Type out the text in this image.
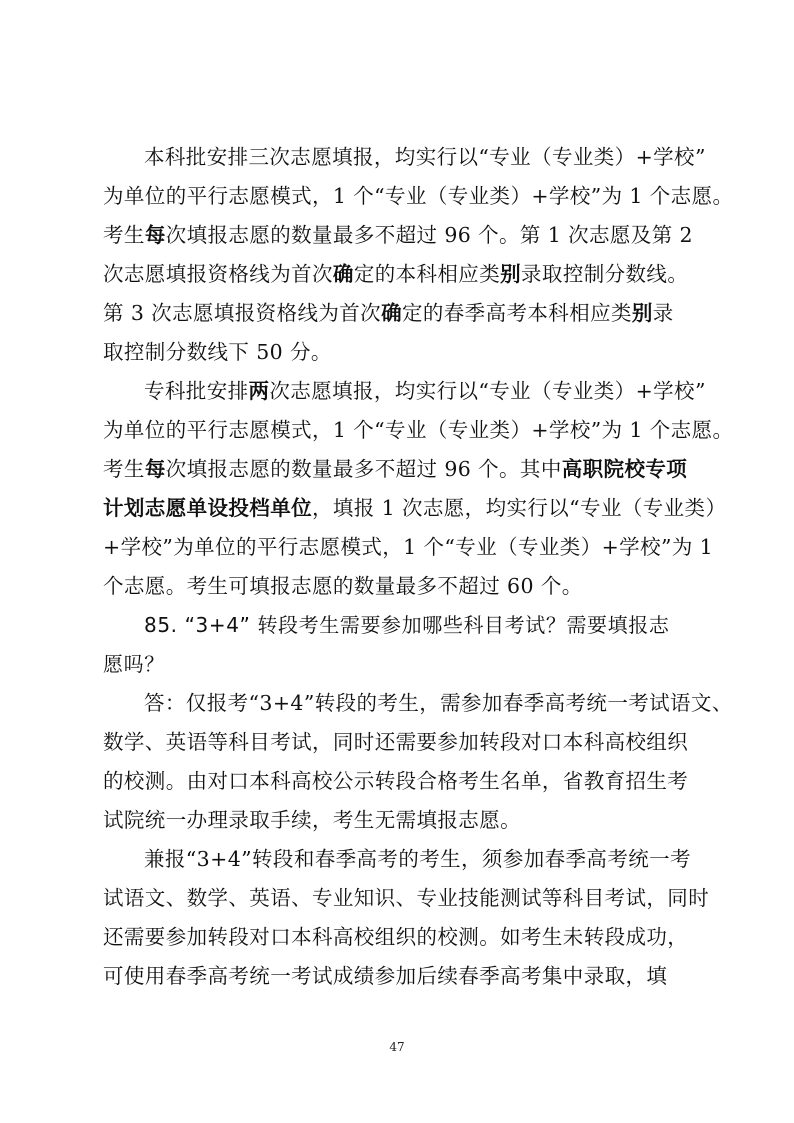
本科批安排三次志愿填报，均实行以“专业（专业类）+学校”
为单位的平行志愿模式，1 个“专业（专业类）+学校”为 1 个志愿。
考生每次填报志愿的数量最多不超过 96 个。第 1 次志愿及第 2
次志愿填报资格线为首次确定的本科相应类别录取控制分数线。
第 3 次志愿填报资格线为首次确定的春季高考本科相应类别录
取控制分数线下 50 分。
专科批安排两次志愿填报，均实行以“专业（专业类）+学校”
为单位的平行志愿模式，1 个“专业（专业类）+学校”为 1 个志愿。
考生每次填报志愿的数量最多不超过 96 个。其中高职院校专项
计划志愿单设投档单位，填报 1 次志愿，均实行以“专业（专业类）
+学校”为单位的平行志愿模式，1 个“专业（专业类）+学校”为 1
个志愿。考生可填报志愿的数量最多不超过 60 个。
85. “3+4” 转段考生需要参加哪些科目考试？需要填报志
愿吗？
答：仅报考“3+4”转段的考生，需参加春季高考统一考试语文、
数学、英语等科目考试，同时还需要参加转段对口本科高校组织
的校测。由对口本科高校公示转段合格考生名单，省教育招生考
试院统一办理录取手续，考生无需填报志愿。
兼报“3+4”转段和春季高考的考生，须参加春季高考统一考
试语文、数学、英语、专业知识、专业技能测试等科目考试，同时
还需要参加转段对口本科高校组织的校测。如考生未转段成功，
可使用春季高考统一考试成绩参加后续春季高考集中录取，填
47
